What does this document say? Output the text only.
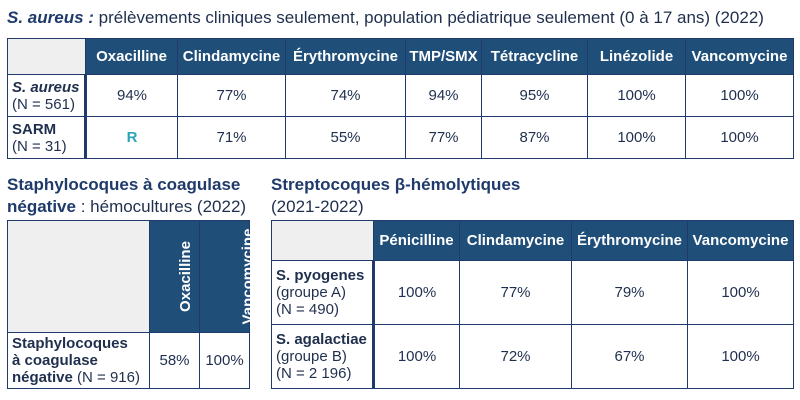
S. aureus : prélèvements cliniques seulement, population pédiatrique seulement (0 à 17 ans) (2022)
	Oxacilline	Clindamycine	Érythromycine	TMP/SMX	Tétracycline	Linézolide	Vancomycine
S. aureus
(N = 561)	94%	77%	74%	94%	95%	100%	100%
SARM
(N = 31)	R	71%	55%	77%	87%	100%	100%
Staphylocoques à coagulase
négative : hémocultures (2022)
	Oxacilline	Vancomycine
Staphylocoques
à coagulase
négative (N = 916)	58%	100%
Streptocoques β-hémolytiques
(2021-2022)
	Pénicilline	Clindamycine	Érythromycine	Vancomycine
S. pyogenes
(groupe A)
(N = 490)	100%	77%	79%	100%
S. agalactiae
(groupe B)
(N = 2 196)	100%	72%	67%	100%
